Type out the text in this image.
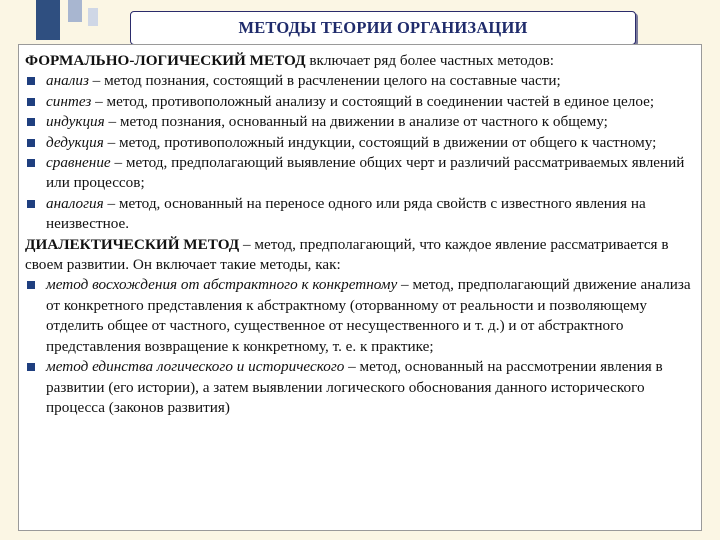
МЕТОДЫ ТЕОРИИ ОРГАНИЗАЦИИ

ФОРМАЛЬНО-ЛОГИЧЕСКИЙ МЕТОД включает ряд более частных методов:

анализ – метод познания, состоящий в расчленении целого на составные части;

синтез – метод, противоположный анализу и состоящий в соединении частей в единое целое;

индукция – метод познания, основанный на движении в анализе от частного к общему;

дедукция – метод, противоположный индукции, состоящий в движении от общего к частному;

сравнение – метод, предполагающий выявление общих черт и различий рассматриваемых явлений или процессов;

аналогия – метод, основанный на переносе одного или ряда свойств с известного явления на неизвестное.

ДИАЛЕКТИЧЕСКИЙ МЕТОД – метод, предполагающий, что каждое явление рассматривается в своем развитии. Он включает такие методы, как:

метод восхождения от абстрактного к конкретному – метод, предполагающий движение анализа от конкретного представления к абстрактному (оторванному от реальности и позволяющему отделить общее от частного, существенное от несущественного и т. д.) и от абстрактного представления возвращение к конкретному, т. е. к практике;

метод единства логического и исторического – метод, основанный на рассмотрении явления в развитии (его истории), а затем выявлении логического обоснования данного исторического процесса (законов развития)
